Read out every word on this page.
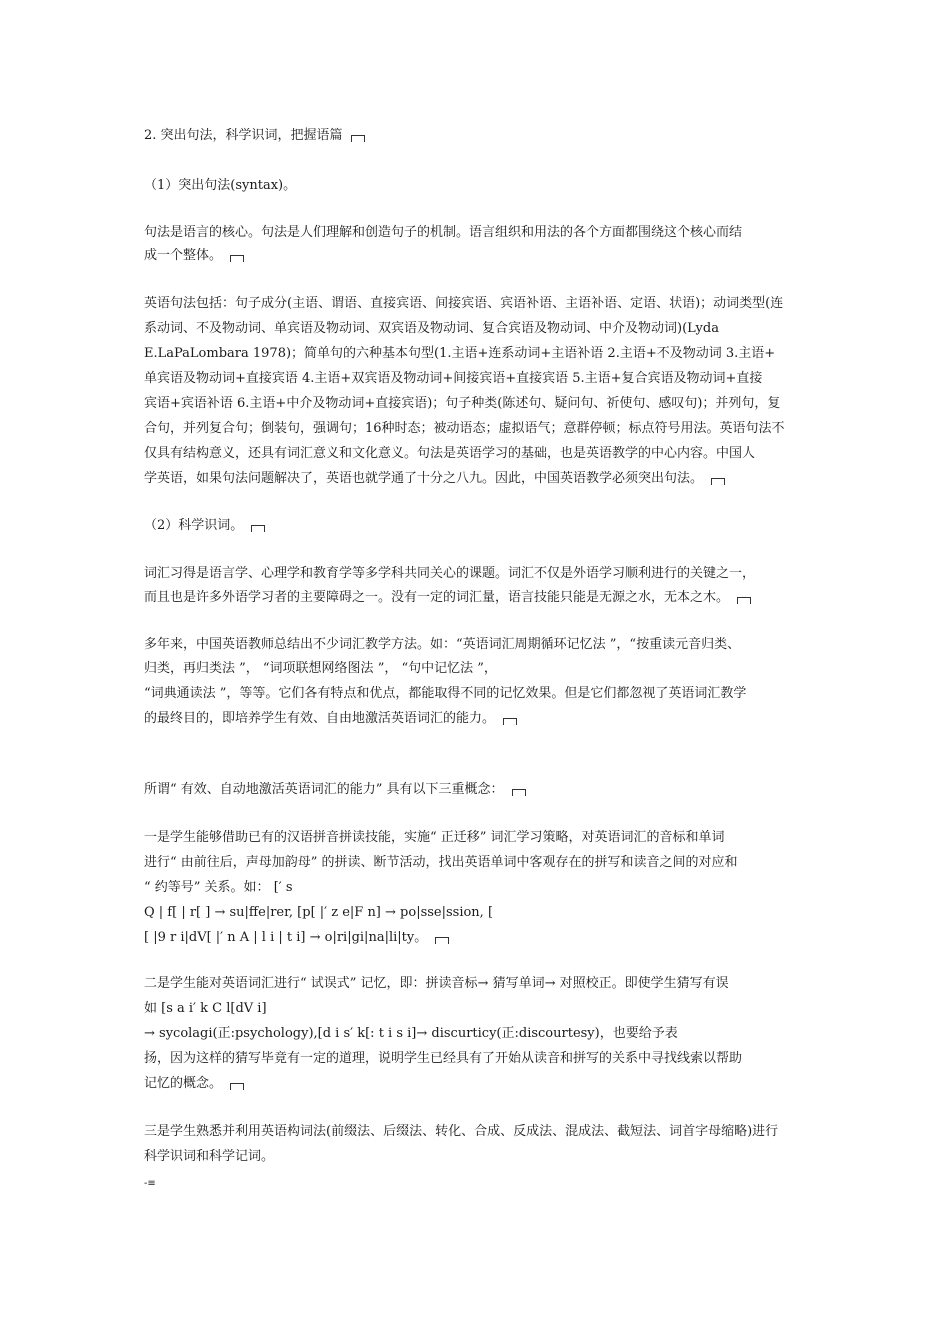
2. 突出句法，科学识词，把握语篇
（1）突出句法(syntax)。
句法是语言的核心。句法是人们理解和创造句子的机制。语言组织和用法的各个方面都围绕这个核心而结
成一个整体。
英语句法包括：句子成分(主语、谓语、直接宾语、间接宾语、宾语补语、主语补语、定语、状语)；动词类型(连
系动词、不及物动词、单宾语及物动词、双宾语及物动词、复合宾语及物动词、中介及物动词)(Lyda
E.LaPaLombara 1978)；简单句的六种基本句型(1.主语+连系动词+主语补语 2.主语+不及物动词 3.主语+
单宾语及物动词+直接宾语 4.主语+双宾语及物动词+间接宾语+直接宾语 5.主语+复合宾语及物动词+直接
宾语+宾语补语 6.主语+中介及物动词+直接宾语)；句子种类(陈述句、疑问句、祈使句、感叹句)；并列句，复
合句，并列复合句；倒装句，强调句；16种时态；被动语态；虚拟语气；意群停顿；标点符号用法。英语句法不
仅具有结构意义，还具有词汇意义和文化意义。句法是英语学习的基础，也是英语教学的中心内容。中国人
学英语，如果句法问题解决了，英语也就学通了十分之八九。因此，中国英语教学必须突出句法。
（2）科学识词。
词汇习得是语言学、心理学和教育学等多学科共同关心的课题。词汇不仅是外语学习顺利进行的关键之一，
而且也是许多外语学习者的主要障碍之一。没有一定的词汇量，语言技能只能是无源之水，无本之木。
多年来，中国英语教师总结出不少词汇教学方法。如：“英语词汇周期循环记忆法 ”，“按重读元音归类、
归类，再归类法 ”， “词项联想网络图法 ”， “句中记忆法 ”，
“词典通读法 ”，等等。它们各有特点和优点，都能取得不同的记忆效果。但是它们都忽视了英语词汇教学
的最终目的，即培养学生有效、自由地激活英语词汇的能力。
所谓“ 有效、自动地激活英语词汇的能力” 具有以下三重概念：
一是学生能够借助已有的汉语拼音拼读技能，实施“ 正迁移” 词汇学习策略，对英语词汇的音标和单词
进行“ 由前往后，声母加韵母” 的拼读、断节活动，找出英语单词中客观存在的拼写和读音之间的对应和
“ 约等号” 关系。如： [′ s
Q | f[ | r[ ] → su|ffe|rer, [p[ |′ z e|F n] → po|sse|ssion, [
[ |9 r i|dV[ |′ n A | l i | t i] → o|ri|gi|na|li|ty。
二是学生能对英语词汇进行“ 试误式” 记忆，即：拼读音标→ 猜写单词→ 对照校正。即使学生猜写有误
如 [s a i′ k C l[dV i]
→ sycolagi(正:psychology),[d i s′ k[: t i s i]→ discurticy(正:discourtesy)，也要给予表
扬，因为这样的猜写毕竟有一定的道理，说明学生已经具有了开始从读音和拼写的关系中寻找线索以帮助
记忆的概念。
三是学生熟悉并利用英语构词法(前缀法、后缀法、转化、合成、反成法、混成法、截短法、词首字母缩略)进行
科学识词和科学记词。
-≡
